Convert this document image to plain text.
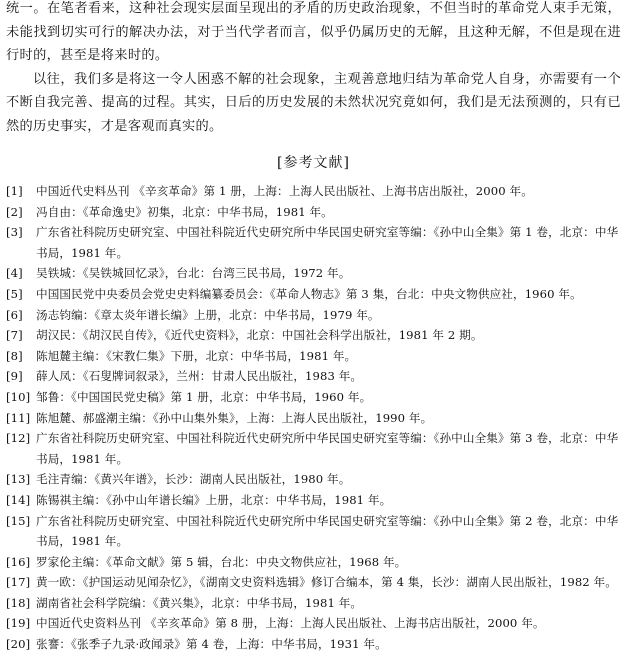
统一。在笔者看来，这种社会现实层面呈现出的矛盾的历史政治现象，不但当时的革命党人束手无策，未能找到切实可行的解决办法，对于当代学者而言，似乎仍属历史的无解，且这种无解，不但是现在进行时的，甚至是将来时的。

以往，我们多是将这一令人困惑不解的社会现象，主观善意地归结为革命党人自身，亦需要有一个不断自我完善、提高的过程。其实，日后的历史发展的未然状况究竟如何，我们是无法预测的，只有已然的历史事实，才是客观而真实的。

[参考文献]
[1]	中国近代史料丛刊 《辛亥革命》第 1 册，上海：上海人民出版社、上海书店出版社，2000 年。
[2]	冯自由：《革命逸史》初集，北京：中华书局，1981 年。
[3]	广东省社科院历史研究室、中国社科院近代史研究所中华民国史研究室等编：《孙中山全集》第 1 卷，北京：中华书局，1981 年。
[4]	吴铁城：《吴铁城回忆录》，台北：台湾三民书局，1972 年。
[5]	中国国民党中央委员会党史史料编纂委员会：《革命人物志》第 3 集，台北：中央文物供应社，1960 年。
[6]	汤志钧编：《章太炎年谱长编》上册，北京：中华书局，1979 年。
[7]	胡汉民：《胡汉民自传》，《近代史资料》，北京：中国社会科学出版社，1981 年 2 期。
[8]	陈旭麓主编：《宋教仁集》下册，北京：中华书局，1981 年。
[9]	薛人凤：《石叟牌词叙录》，兰州：甘肃人民出版社，1983 年。
[10] 邹鲁：《中国国民党史稿》第 1 册，北京：中华书局，1960 年。
[11] 陈旭麓、郝盛潮主编：《孙中山集外集》，上海：上海人民出版社，1990 年。
[12] 广东省社科院历史研究室、中国社科院近代史研究所中华民国史研究室等编：《孙中山全集》第 3 卷，北京：中华书局，1981 年。
[13] 毛注青编：《黄兴年谱》，长沙：湖南人民出版社，1980 年。
[14] 陈锡祺主编：《孙中山年谱长编》上册，北京：中华书局，1981 年。
[15] 广东省社科院历史研究室、中国社科院近代史研究所中华民国史研究室等编：《孙中山全集》第 2 卷，北京：中华书局，1981 年。
[16] 罗家伦主编：《革命文献》第 5 辑，台北：中央文物供应社，1968 年。
[17] 黄一欧：《护国运动见闻杂忆》，《湖南文史资料选辑》修订合编本，第 4 集，长沙：湖南人民出版社，1982 年。
[18] 湖南省社会科学院编：《黄兴集》，北京：中华书局，1981 年。
[19] 中国近代史资料丛刊 《辛亥革命》第 8 册，上海：上海人民出版社、上海书店出版社，2000 年。
[20] 张謇：《张季子九录·政闻录》第 4 卷，上海：中华书局，1931 年。
